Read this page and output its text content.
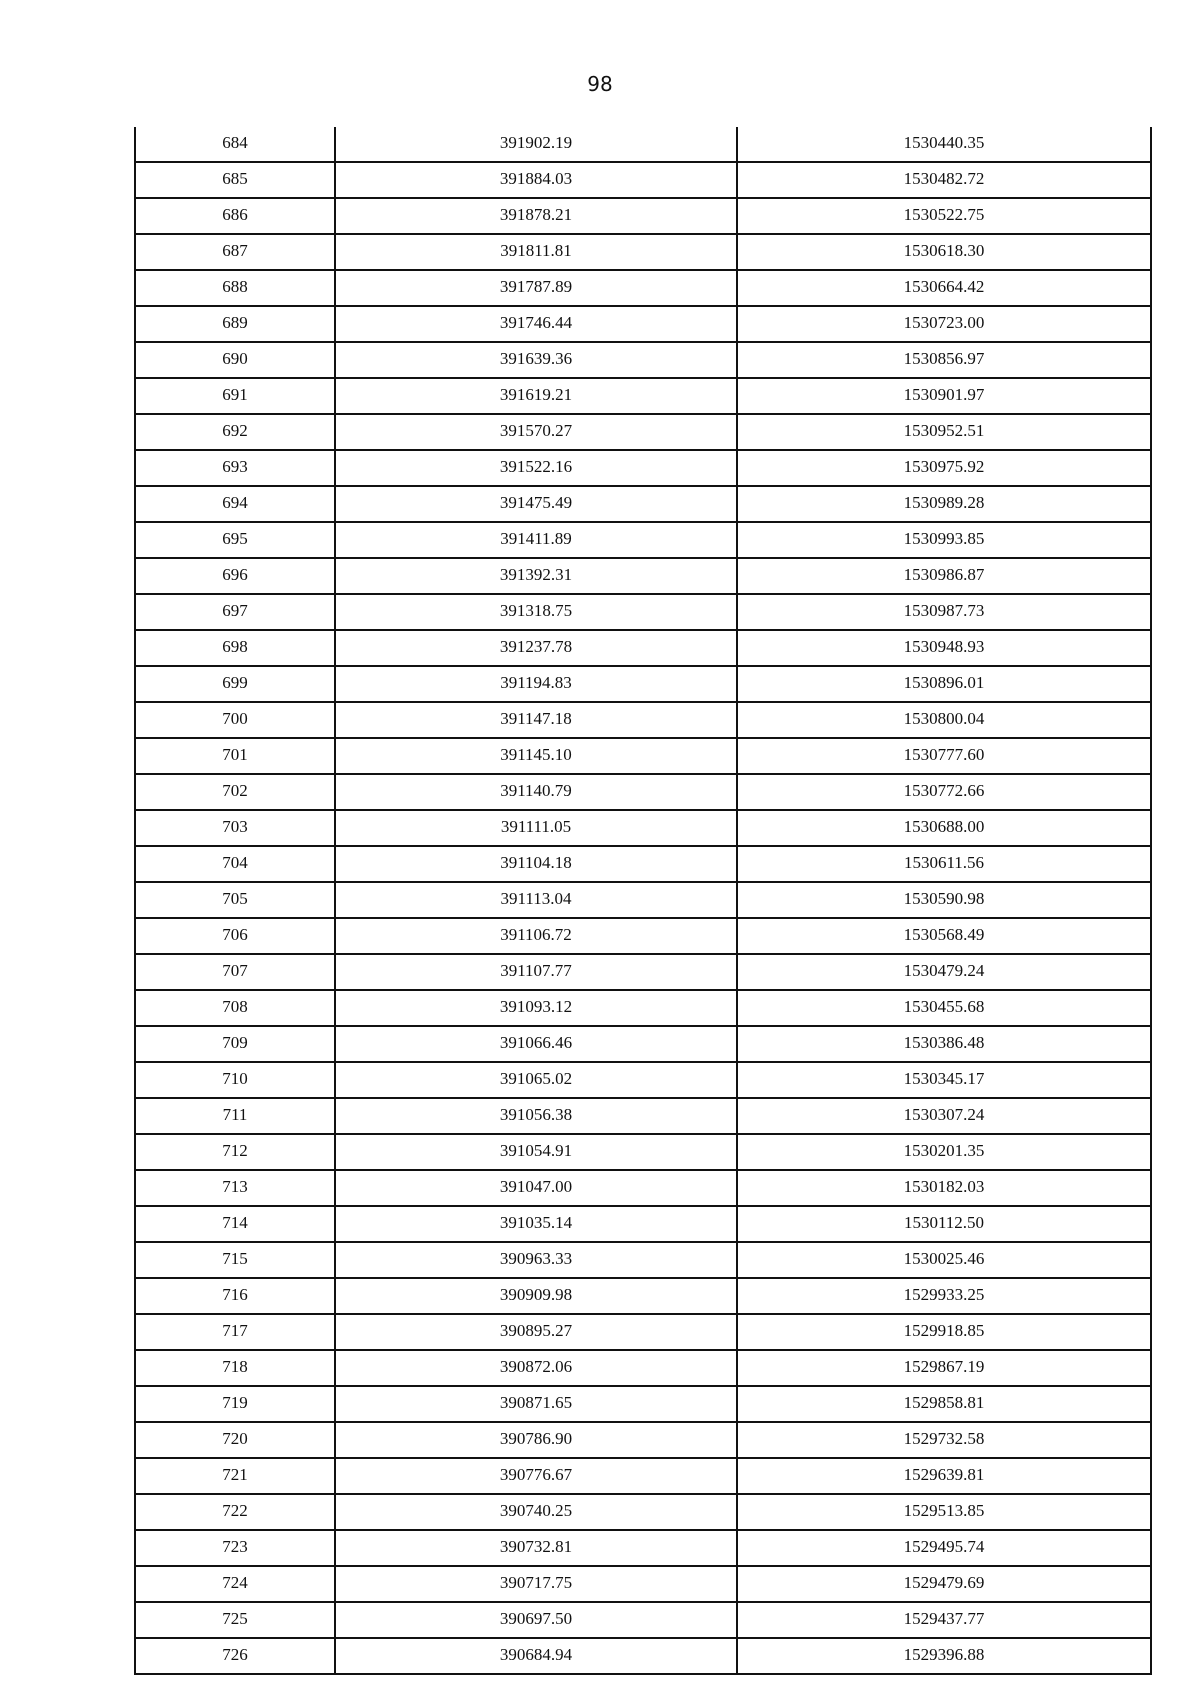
98
684	391902.19	1530440.35
685	391884.03	1530482.72
686	391878.21	1530522.75
687	391811.81	1530618.30
688	391787.89	1530664.42
689	391746.44	1530723.00
690	391639.36	1530856.97
691	391619.21	1530901.97
692	391570.27	1530952.51
693	391522.16	1530975.92
694	391475.49	1530989.28
695	391411.89	1530993.85
696	391392.31	1530986.87
697	391318.75	1530987.73
698	391237.78	1530948.93
699	391194.83	1530896.01
700	391147.18	1530800.04
701	391145.10	1530777.60
702	391140.79	1530772.66
703	391111.05	1530688.00
704	391104.18	1530611.56
705	391113.04	1530590.98
706	391106.72	1530568.49
707	391107.77	1530479.24
708	391093.12	1530455.68
709	391066.46	1530386.48
710	391065.02	1530345.17
711	391056.38	1530307.24
712	391054.91	1530201.35
713	391047.00	1530182.03
714	391035.14	1530112.50
715	390963.33	1530025.46
716	390909.98	1529933.25
717	390895.27	1529918.85
718	390872.06	1529867.19
719	390871.65	1529858.81
720	390786.90	1529732.58
721	390776.67	1529639.81
722	390740.25	1529513.85
723	390732.81	1529495.74
724	390717.75	1529479.69
725	390697.50	1529437.77
726	390684.94	1529396.88
